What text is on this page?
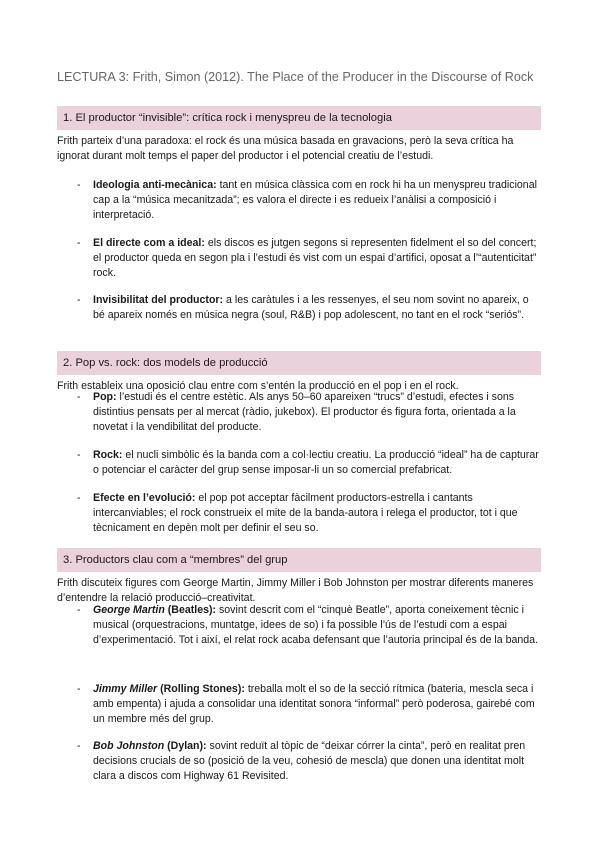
LECTURA 3: Frith, Simon (2012). The Place of the Producer in the Discourse of Rock
1. El productor “invisible”: crítica rock i menyspreu de la tecnologia

Frith parteix d’una paradoxa: el rock és una música basada en gravacions, però la seva crítica ha ignorat durant molt temps el paper del productor i el potencial creatiu de l’estudi.

- Ideologia anti-mecànica: tant en música clàssica com en rock hi ha un menyspreu tradicional cap a la “música mecanitzada”; es valora el directe i es redueix l’anàlisi a composició i interpretació.
- El directe com a ideal: els discos es jutgen segons si representen fidelment el so del concert; el productor queda en segon pla i l’estudi és vist com un espai d’artifici, oposat a l’“autenticitat” rock.
- Invisibilitat del productor: a les caràtules i a les ressenyes, el seu nom sovint no apareix, o bé apareix només en música negra (soul, R&B) i pop adolescent, no tant en el rock “seriós”.
2. Pop vs. rock: dos models de producció

Frith estableix una oposició clau entre com s’entén la producció en el pop i en el rock.

- Pop: l’estudi és el centre estètic. Als anys 50–60 apareixen “trucs” d’estudi, efectes i sons distintius pensats per al mercat (ràdio, jukebox). El productor és figura forta, orientada a la novetat i la vendibilitat del producte.
- Rock: el nucli simbòlic és la banda com a col·lectiu creatiu. La producció “ideal” ha de capturar o potenciar el caràcter del grup sense imposar-li un so comercial prefabricat.
- Efecte en l’evolució: el pop pot acceptar fàcilment productors-estrella i cantants intercanviables; el rock construeix el mite de la banda-autora i relega el productor, tot i que tècnicament en depèn molt per definir el seu so.
3. Productors clau com a “membres” del grup

Frith discuteix figures com George Martin, Jimmy Miller i Bob Johnston per mostrar diferents maneres d’entendre la relació producció–creativitat.

- George Martin (Beatles): sovint descrit com el “cinquè Beatle”, aporta coneixement tècnic i musical (orquestracions, muntatge, idees de so) i fa possible l’ús de l’estudi com a espai d’experimentació. Tot i així, el relat rock acaba defensant que l’autoria principal és de la banda.
- Jimmy Miller (Rolling Stones): treballa molt el so de la secció rítmica (bateria, mescla seca i amb empenta) i ajuda a consolidar una identitat sonora “informal” però poderosa, gairebé com un membre més del grup.
- Bob Johnston (Dylan): sovint reduït al tòpic de “deixar córrer la cinta”, però en realitat pren decisions crucials de so (posició de la veu, cohesió de mescla) que donen una identitat molt clara a discos com Highway 61 Revisited.
